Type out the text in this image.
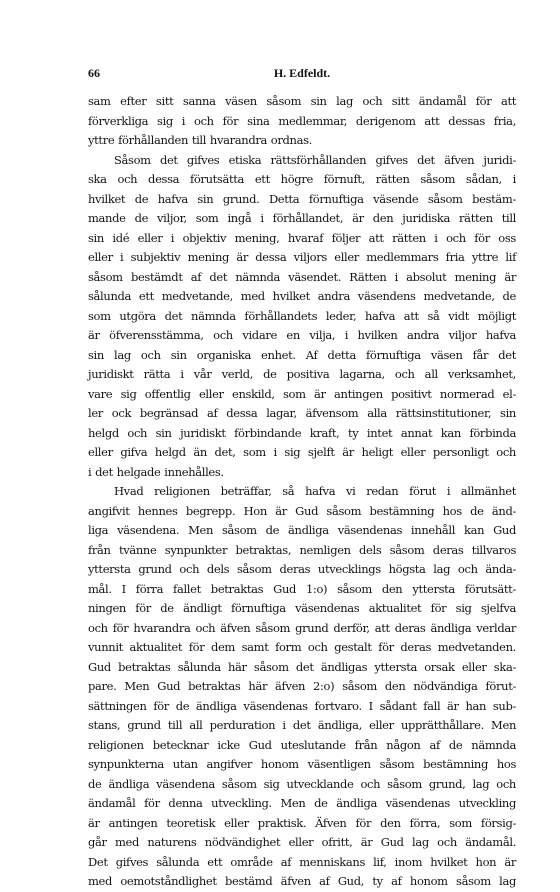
66	H. Edfeldt.
sam efter sitt sanna väsen såsom sin lag och sitt ändamål för att
förverkliga sig i och för sina medlemmar, derigenom att dessas fria,
yttre förhållanden till hvarandra ordnas.
Såsom det gifves etiska rättsförhållanden gifves det äfven juridi-
ska och dessa förutsätta ett högre förnuft, rätten såsom sådan, i
hvilket de hafva sin grund. Detta förnuftiga väsende såsom bestäm-
mande de viljor, som ingå i förhållandet, är den juridiska rätten till
sin idé eller i objektiv mening, hvaraf följer att rätten i och för oss
eller i subjektiv mening är dessa viljors eller medlemmars fria yttre lif
såsom bestämdt af det nämnda väsendet. Rätten i absolut mening är
sålunda ett medvetande, med hvilket andra väsendens medvetande, de
som utgöra det nämnda förhållandets leder, hafva att så vidt möjligt
är öfverensstämma, och vidare en vilja, i hvilken andra viljor hafva
sin lag och sin organiska enhet. Af detta förnuftiga väsen får det
juridiskt rätta i vår verld, de positiva lagarna, och all verksamhet,
vare sig offentlig eller enskild, som är antingen positivt normerad el-
ler ock begränsad af dessa lagar, äfvensom alla rättsinstitutioner, sin
helgd och sin juridiskt förbindande kraft, ty intet annat kan förbinda
eller gifva helgd än det, som i sig sjelft är heligt eller personligt och
i det helgade innehålles.
Hvad religionen beträffar, så hafva vi redan förut i allmänhet
angifvit hennes begrepp. Hon är Gud såsom bestämning hos de änd-
liga väsendena. Men såsom de ändliga väsendenas innehåll kan Gud
från tvänne synpunkter betraktas, nemligen dels såsom deras tillvaros
yttersta grund och dels såsom deras utvecklings högsta lag och ända-
mål. I förra fallet betraktas Gud 1:o) såsom den yttersta förutsätt-
ningen för de ändligt förnuftiga väsendenas aktualitet för sig sjelfva
och för hvarandra och äfven såsom grund derför, att deras ändliga verldar
vunnit aktualitet för dem samt form och gestalt för deras medvetanden.
Gud betraktas sålunda här såsom det ändligas yttersta orsak eller ska-
pare. Men Gud betraktas här äfven 2:o) såsom den nödvändiga förut-
sättningen för de ändliga väsendenas fortvaro. I sådant fall är han sub-
stans, grund till all perduration i det ändliga, eller upprätthållare. Men
religionen betecknar icke Gud uteslutande från någon af de nämnda
synpunkterna utan angifver honom väsentligen såsom bestämning hos
de ändliga väsendena såsom sig utvecklande och såsom grund, lag och
ändamål för denna utveckling. Men de ändliga väsendenas utveckling
är antingen teoretisk eller praktisk. Äfven för den förra, som försig-
går med naturens nödvändighet eller ofritt, är Gud lag och ändamål.
Det gifves sålunda ett område af menniskans lif, inom hvilket hon är
med oemotståndlighet bestämd äfven af Gud, ty af honom såsom lag
